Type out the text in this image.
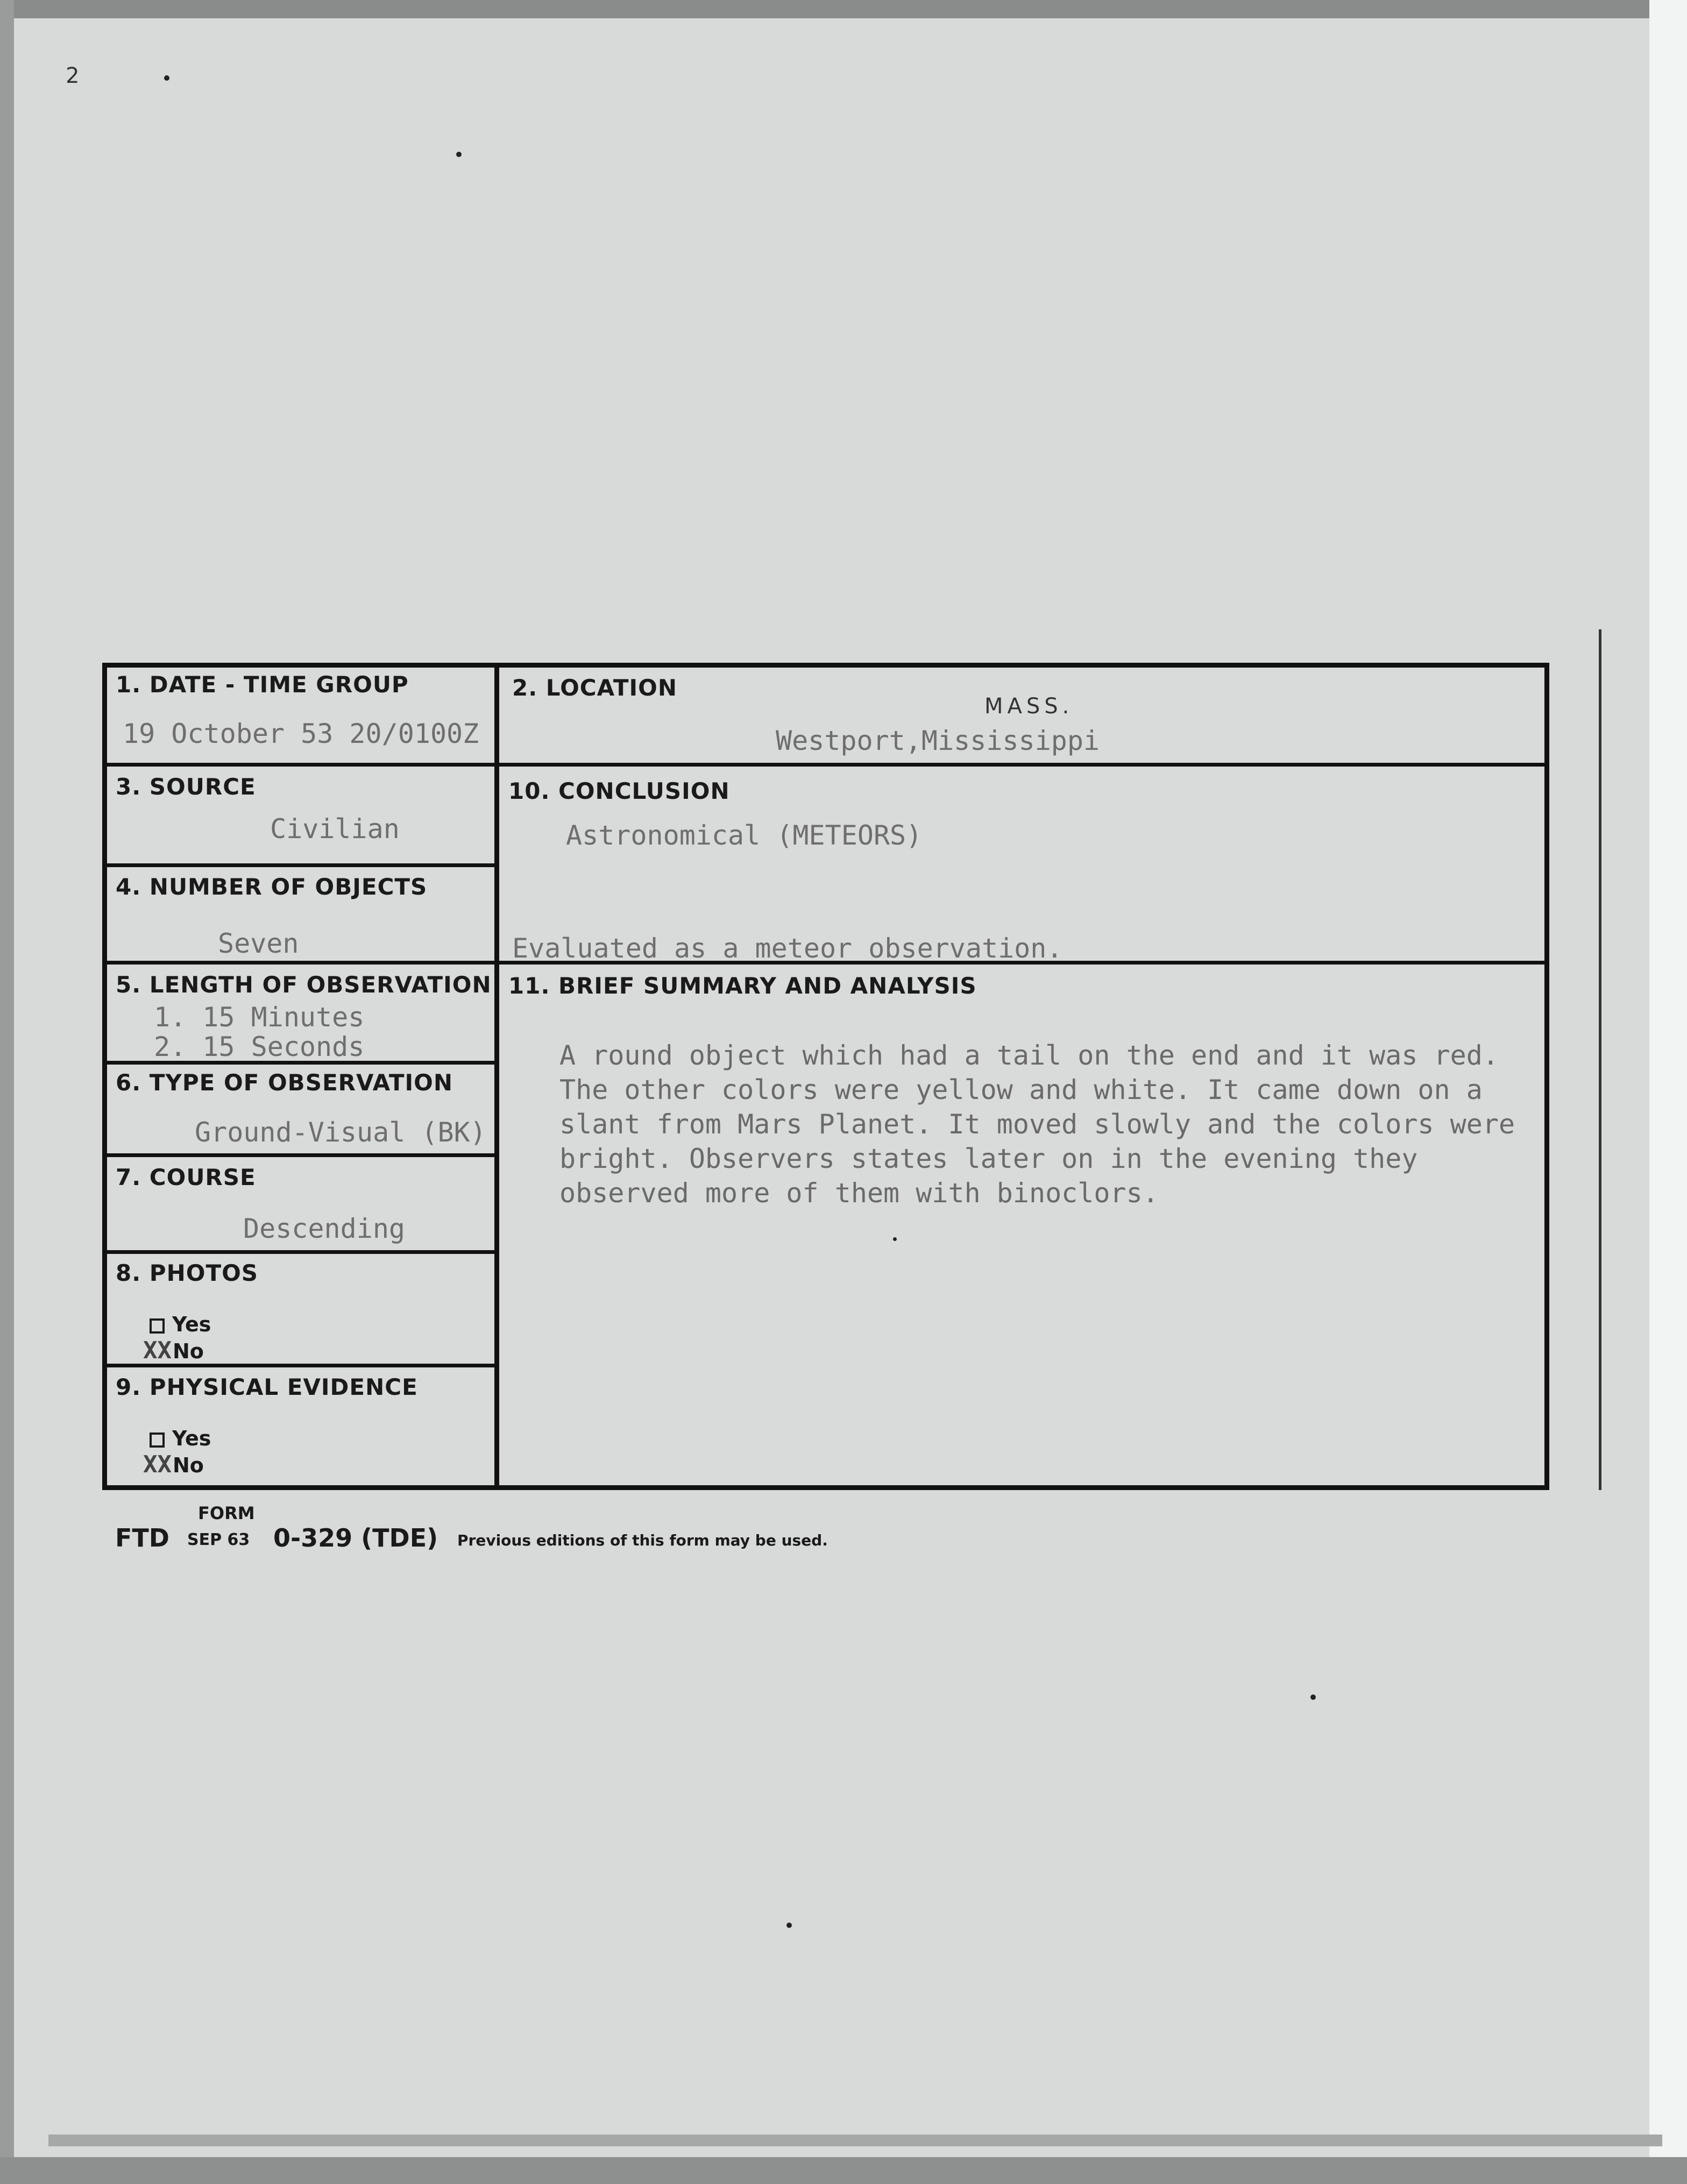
2
1. DATE - TIME GROUP
19 October 53 20/0100Z
2. LOCATION
MASS.
Westport,Mississippi
3. SOURCE
Civilian
4. NUMBER OF OBJECTS
Seven
5. LENGTH OF OBSERVATION
1. 15 Minutes
2. 15 Seconds
6. TYPE OF OBSERVATION
Ground-Visual (BK)
7. COURSE
Descending
8. PHOTOS
Yes
XXNo
9. PHYSICAL EVIDENCE
Yes
XXNo
10. CONCLUSION
Astronomical (METEORS)
Evaluated as a meteor observation.
11. BRIEF SUMMARY AND ANALYSIS
A round object which had a tail on the end and it was red.
The other colors were yellow and white. It came down on a
slant from Mars Planet. It moved slowly and the colors were
bright. Observers states later on in the evening they
observed more of them with binoclors.
FORM
FTD SEP 63 0-329 (TDE) Previous editions of this form may be used.
